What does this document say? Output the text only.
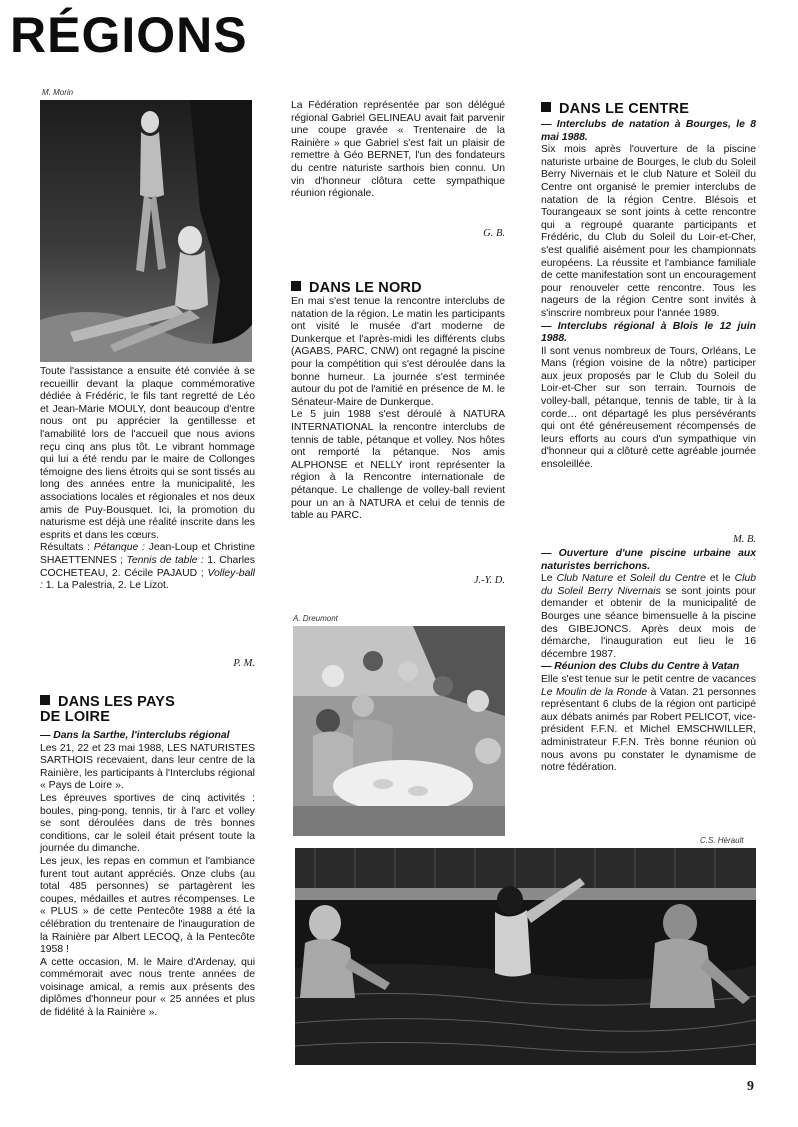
RÉGIONS
M. Morin

Toute l'assistance a ensuite été conviée à se recueillir devant la plaque commémorative dédiée à Frédéric, le fils tant regretté de Léo et Jean-Marie MOULY, dont beaucoup d'entre nous ont pu apprécier la gentillesse et l'amabilité lors de l'accueil que nous avions reçu cinq ans plus tôt. Le vibrant hommage qui lui a été rendu par le maire de Collonges témoigne des liens étroits qui se sont tissés au long des années entre la municipalité, les associations locales et régionales et nos deux amis de Puy-Bousquet. Ici, la promotion du naturisme est déjà une réalité inscrite dans les esprits et dans les cœurs.

Résultats : Pétanque : Jean-Loup et Christine SHAETTENNES ; Tennis de table : 1. Charles COCHETEAU, 2. Cécile PAJAUD ; Volley-ball : 1. La Palestria, 2. Le Lizot.

P. M.
DANS LES PAYS
DE LOIRE

— Dans la Sarthe, l'interclubs régional

Les 21, 22 et 23 mai 1988, LES NATURISTES SARTHOIS recevaient, dans leur centre de la Rainière, les participants à l'Interclubs régional « Pays de Loire ».

Les épreuves sportives de cinq activités : boules, ping-pong, tennis, tir à l'arc et volley se sont déroulées dans de très bonnes conditions, car le soleil était présent toute la journée du dimanche.

Les jeux, les repas en commun et l'ambiance furent tout autant appréciés. Onze clubs (au total 485 personnes) se partagèrent les coupes, médailles et autres récompenses. Le « PLUS » de cette Pentecôte 1988 a été la célébration du trentenaire de l'inauguration de la Rainière par Albert LECOQ, à la Pentecôte 1958 !

A cette occasion, M. le Maire d'Ardenay, qui commémorait avec nous trente années de voisinage amical, a remis aux présents des diplômes d'honneur pour « 25 années et plus de fidélité à la Rainière ».

La Fédération représentée par son délégué régional Gabriel GELINEAU avait fait parvenir une coupe gravée « Trentenaire de la Rainière » que Gabriel s'est fait un plaisir de remettre à Géo BERNET, l'un des fondateurs du centre naturiste sarthois bien connu. Un vin d'honneur clôtura cette sympathique réunion régionale.

G. B.
DANS LE NORD

En mai s'est tenue la rencontre interclubs de natation de la région. Le matin les participants ont visité le musée d'art moderne de Dunkerque et l'après-midi les différents clubs (AGABS, PARC, CNW) ont regagné la piscine pour la compétition qui s'est déroulée dans la bonne humeur. La journée s'est terminée autour du pot de l'amitié en présence de M. le Sénateur-Maire de Dunkerque.

Le 5 juin 1988 s'est déroulé à NATURA INTERNATIONAL la rencontre interclubs de tennis de table, pétanque et volley. Nos hôtes ont remporté la pétanque. Nos amis ALPHONSE et NELLY iront représenter la région à la Rencontre internationale de pétanque. Le challenge de volley-ball revient pour un an à NATURA et celui de tennis de table au PARC.

J.-Y. D.
A. Dreumont
DANS LE CENTRE

— Interclubs de natation à Bourges, le 8 mai 1988.

Six mois après l'ouverture de la piscine naturiste urbaine de Bourges, le club du Soleil Berry Nivernais et le club Nature et Soleil du Centre ont organisé le premier interclubs de natation de la région Centre. Blésois et Tourangeaux se sont joints à cette rencontre qui a regroupé quarante participants et Frédéric, du Club du Soleil du Loir-et-Cher, s'est qualifié aisément pour les championnats européens. La réussite et l'ambiance familiale de cette manifestation sont un encouragement pour renouveler cette rencontre. Tous les nageurs de la région Centre sont invités à s'inscrire nombreux pour l'année 1989.

— Interclubs régional à Blois le 12 juin 1988.

Il sont venus nombreux de Tours, Orléans, Le Mans (région voisine de la nôtre) participer aux jeux proposés par le Club du Soleil du Loir-et-Cher sur son terrain. Tournois de volley-ball, pétanque, tennis de table, tir à la corde… ont départagé les plus persévérants qui ont été généreusement récompensés de leurs efforts au cours d'un sympathique vin d'honneur qui a clôturé cette agréable journée ensoleillée.

M. B.

— Ouverture d'une piscine urbaine aux naturistes berrichons.

Le Club Nature et Soleil du Centre et le Club du Soleil Berry Nivernais se sont joints pour demander et obtenir de la municipalité de Bourges une séance bimensuelle à la piscine des GIBEJONCS. Après deux mois de démarche, l'inauguration eut lieu le 16 décembre 1987.

— Réunion des Clubs du Centre à Vatan

Elle s'est tenue sur le petit centre de vacances Le Moulin de la Ronde à Vatan. 21 personnes représentant 6 clubs de la région ont participé aux débats animés par Robert PELICOT, vice-président F.F.N. et Michel EMSCHWILLER, administrateur F.F.N. Très bonne réunion où nous avons pu constater le dynamisme de notre fédération.

C.S. Hérault
9
